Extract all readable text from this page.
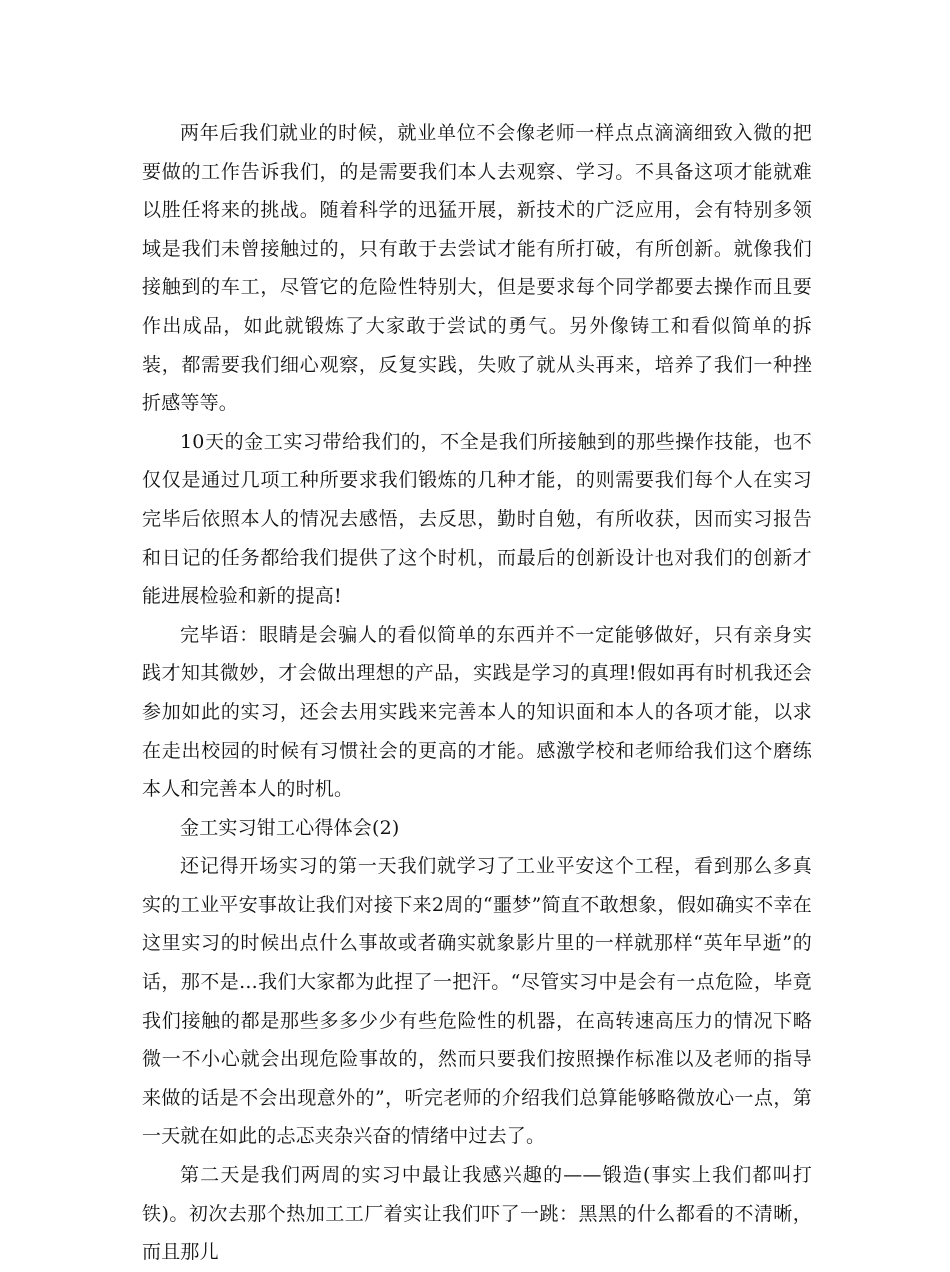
两年后我们就业的时候，就业单位不会像老师一样点点滴滴细致入微的把要做的工作告诉我们，的是需要我们本人去观察、学习。不具备这项才能就难以胜任将来的挑战。随着科学的迅猛开展，新技术的广泛应用，会有特别多领域是我们未曾接触过的，只有敢于去尝试才能有所打破，有所创新。就像我们接触到的车工，尽管它的危险性特别大，但是要求每个同学都要去操作而且要作出成品，如此就锻炼了大家敢于尝试的勇气。另外像铸工和看似简单的拆装，都需要我们细心观察，反复实践，失败了就从头再来，培养了我们一种挫折感等等。

10天的金工实习带给我们的，不全是我们所接触到的那些操作技能，也不仅仅是通过几项工种所要求我们锻炼的几种才能，的则需要我们每个人在实习完毕后依照本人的情况去感悟，去反思，勤时自勉，有所收获，因而实习报告和日记的任务都给我们提供了这个时机，而最后的创新设计也对我们的创新才能进展检验和新的提高!

完毕语：眼睛是会骗人的看似简单的东西并不一定能够做好，只有亲身实践才知其微妙，才会做出理想的产品，实践是学习的真理!假如再有时机我还会参加如此的实习，还会去用实践来完善本人的知识面和本人的各项才能，以求在走出校园的时候有习惯社会的更高的才能。感激学校和老师给我们这个磨练本人和完善本人的时机。

金工实习钳工心得体会(2)

还记得开场实习的第一天我们就学习了工业平安这个工程，看到那么多真实的工业平安事故让我们对接下来2周的“噩梦”简直不敢想象，假如确实不幸在这里实习的时候出点什么事故或者确实就象影片里的一样就那样“英年早逝”的话，那不是...我们大家都为此捏了一把汗。“尽管实习中是会有一点危险，毕竟我们接触的都是那些多多少少有些危险性的机器，在高转速高压力的情况下略微一不小心就会出现危险事故的，然而只要我们按照操作标准以及老师的指导来做的话是不会出现意外的”，听完老师的介绍我们总算能够略微放心一点，第一天就在如此的忐忑夹杂兴奋的情绪中过去了。

第二天是我们两周的实习中最让我感兴趣的——锻造(事实上我们都叫打铁)。初次去那个热加工工厂着实让我们吓了一跳：黑黑的什么都看的不清晰，而且那儿
